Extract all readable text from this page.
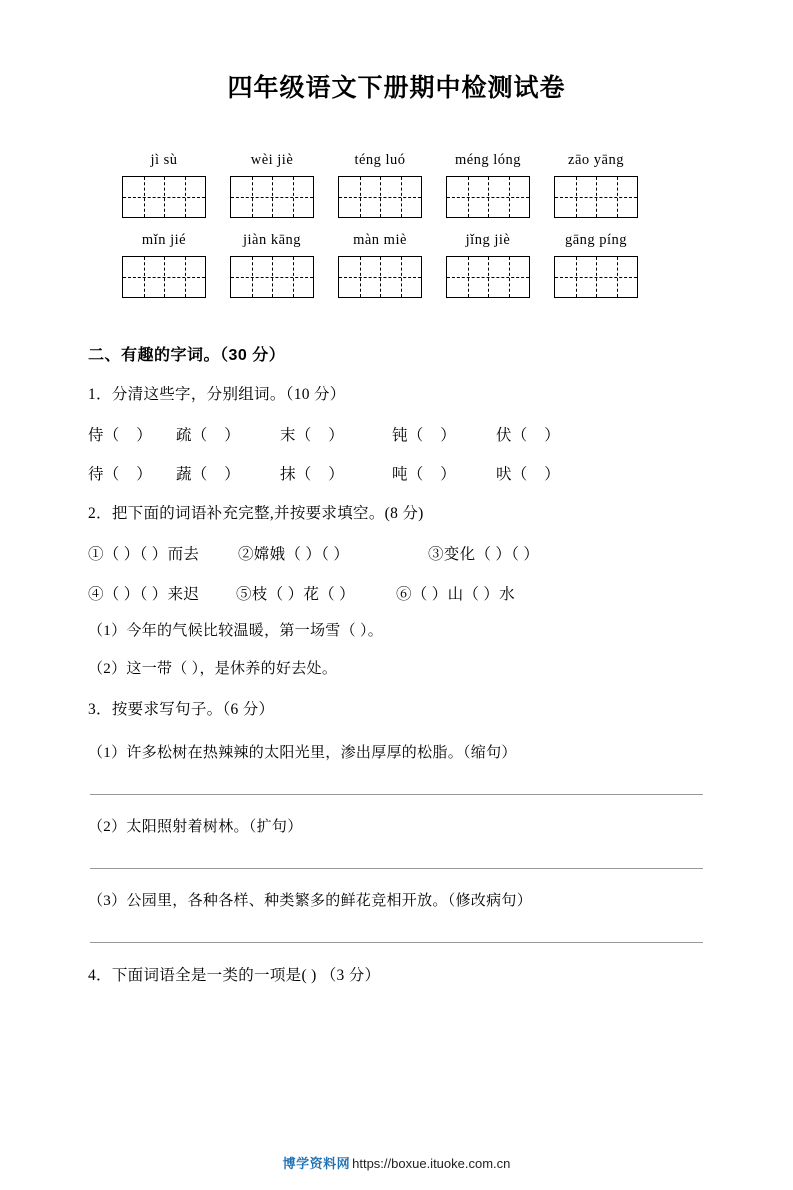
四年级语文下册期中检测试卷
jì sù	wèi jiè	téng luó	méng lóng	zāo yāng
mǐn jié	jiàn kāng	màn miè	jǐng jiè	gāng píng
二、有趣的字词。（30 分）
1．分清这些字，分别组词。（10 分）
侍（    ）	疏（    ）	末（    ）	钝（    ）	伏（    ）
待（    ）	蔬（    ）	抹（    ）	吨（    ）	吠（    ）
2．把下面的词语补充完整,并按要求填空。(8 分)
①（ ）（ ）而去	②嫦娥（ ）（ ）	③变化（ ）（ ）
④（ ）（ ）来迟	⑤枝（ ）花（ ）	⑥（ ）山（ ）水
（1）今年的气候比较温暖，第一场雪（ ）。
（2）这一带（ ），是休养的好去处。
3．按要求写句子。（6 分）
（1）许多松树在热辣辣的太阳光里，渗出厚厚的松脂。（缩句）
（2）太阳照射着树林。（扩句）
（3）公园里，各种各样、种类繁多的鲜花竞相开放。（修改病句）
4．下面词语全是一类的一项是( ) （3 分）
博学资料网 https://boxue.ituoke.com.cn
